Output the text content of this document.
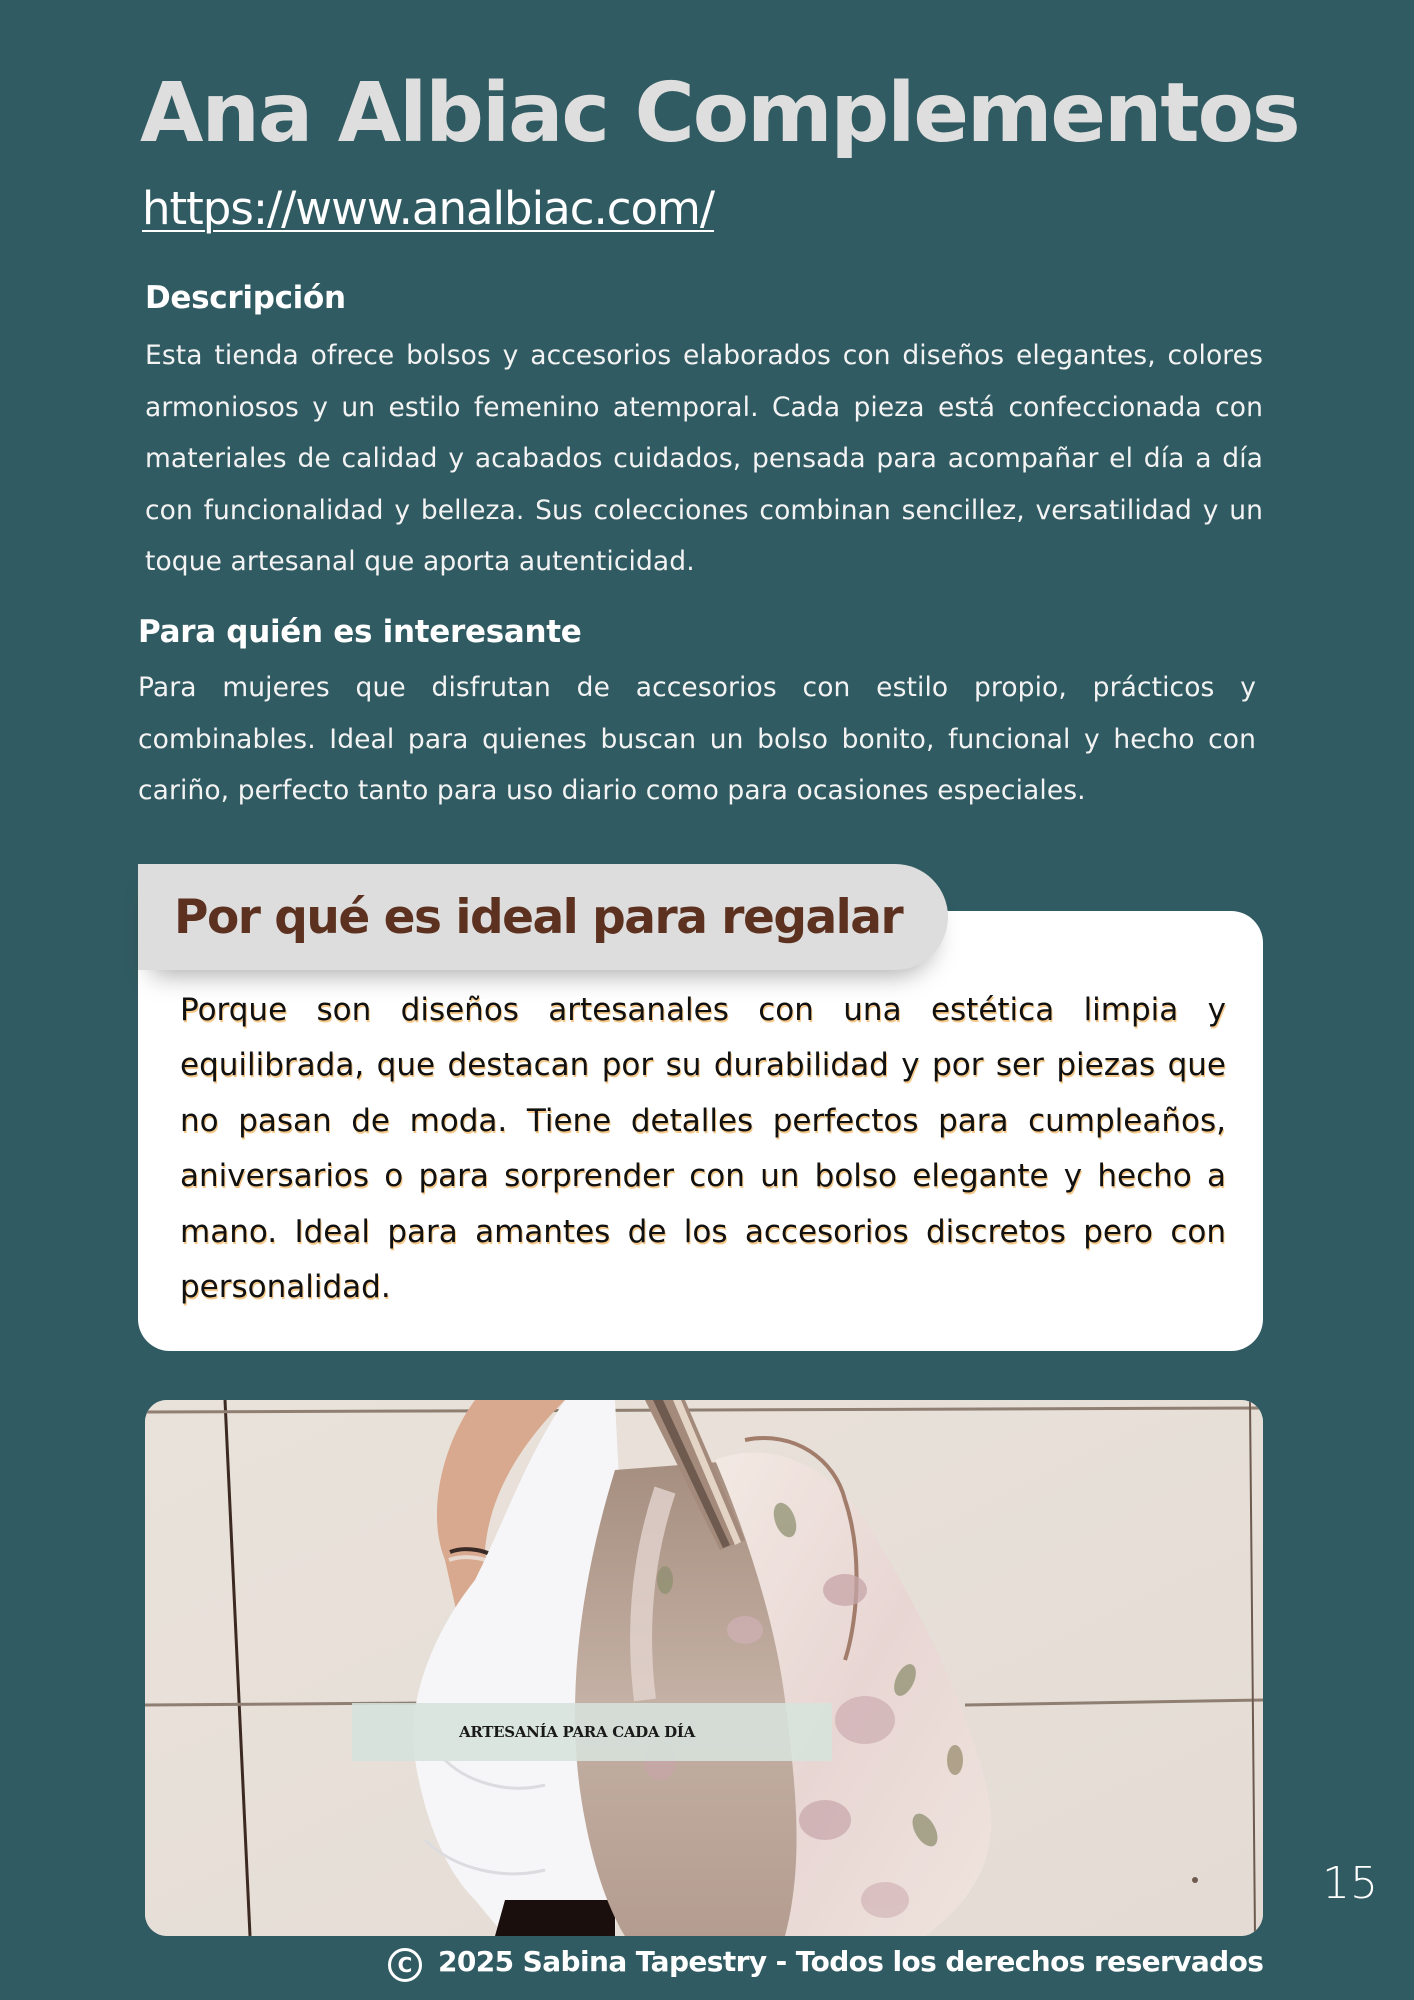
Ana Albiac Complementos
https://www.analbiac.com/
Descripción

Esta tienda ofrece bolsos y accesorios elaborados con diseños elegantes, colores armoniosos y un estilo femenino atemporal. Cada pieza está confeccionada con materiales de calidad y acabados cuidados, pensada para acompañar el día a día con funcionalidad y belleza. Sus colecciones combinan sencillez, versatilidad y un toque artesanal que aporta autenticidad.

Para quién es interesante

Para mujeres que disfrutan de accesorios con estilo propio, prácticos y combinables. Ideal para quienes buscan un bolso bonito, funcional y hecho con cariño, perfecto tanto para uso diario como para ocasiones especiales.

Por qué es ideal para regalar

Porque son diseños artesanales con una estética limpia y equilibrada, que destacan por su durabilidad y por ser piezas que no pasan de moda. Tiene detalles perfectos para cumpleaños, aniversarios o para sorprender con un bolso elegante y hecho a mano. Ideal para amantes de los accesorios discretos pero con personalidad.

ARTESANÍA PARA CADA DÍA
15
C 2025 Sabina Tapestry - Todos los derechos reservados
